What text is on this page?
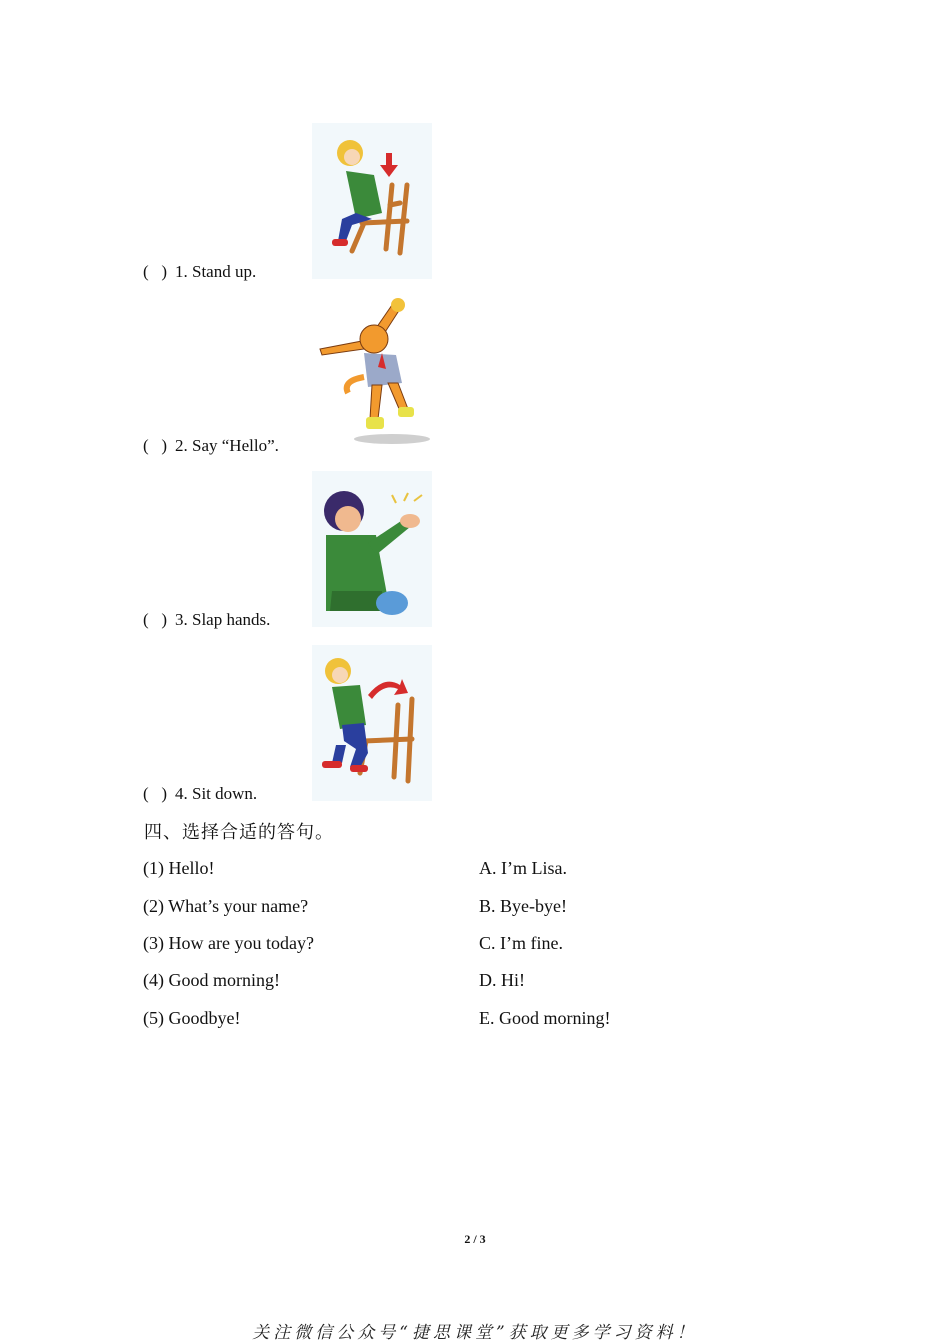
( ) 1. Stand up.
( ) 2. Say “Hello”.
( ) 3. Slap hands.
( ) 4. Sit down.
四、选择合适的答句。
(1) Hello!
(2) What’s your name?
(3) How are you today?
(4) Good morning!
(5) Goodbye!
A. I’m Lisa.
B. Bye-bye!
C. I’m fine.
D. Hi!
E. Good morning!
2 / 3
关注微信公众号“捷思课堂”获取更多学习资料！
